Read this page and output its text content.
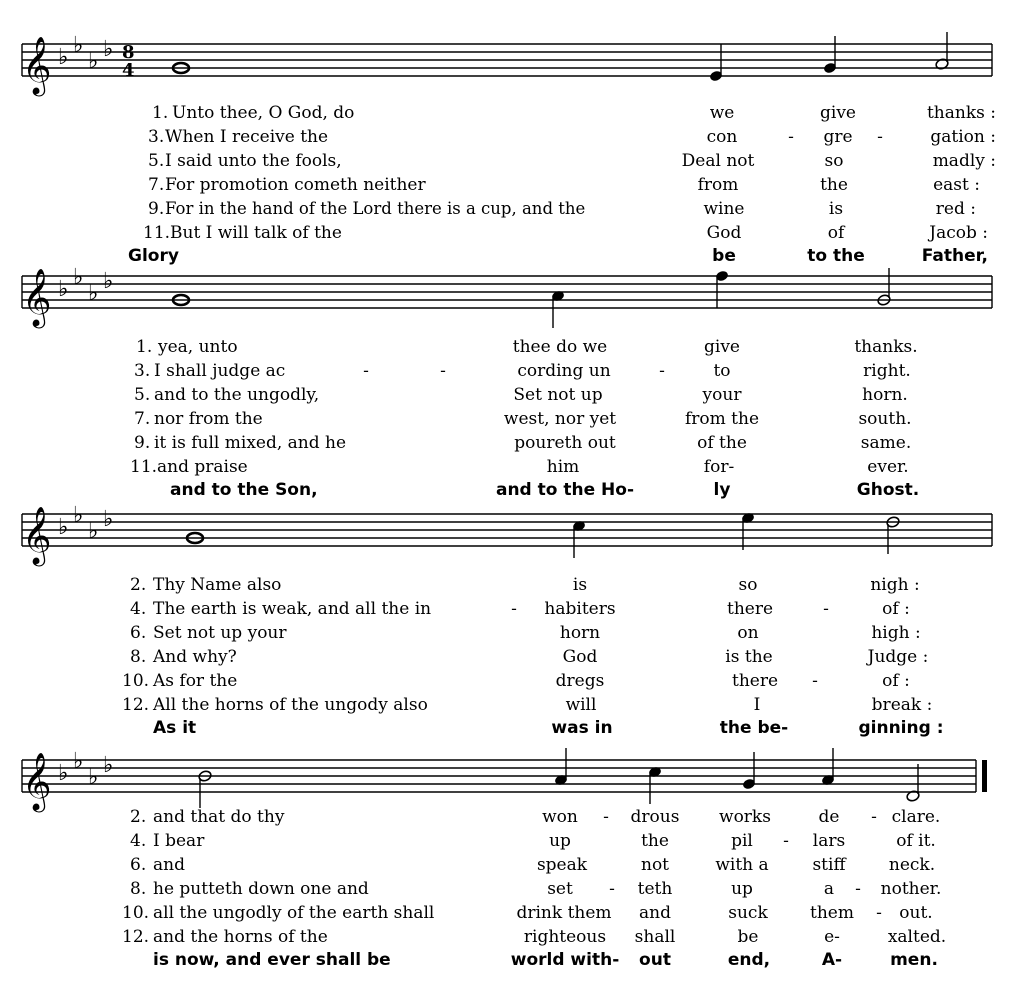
𝄞 ♭ ♭
♭ ♭ 8
4
1. Unto thee, O God, do	we	give	thanks :
3. When I receive the	con	- gre -	gation :
5. I said unto the fools,	Deal not	so	madly :
7. For promotion cometh neither	from	the	east :
9. For in the hand of the Lord there is a cup, and the	wine	is	red :
11. But I will talk of the	God	of	Jacob :
Glory	be	to the	Father,
𝄞 ♭ ♭
♭ ♭
1. yea, unto	thee do we	give	thanks.
3. I shall judge ac	-	-	cording un	-	to	right.
5. and to the ungodly,	Set not up	your	horn.
7. nor from the	west, nor yet	from the	south.
9. it is full mixed, and he	poureth out	of the	same.
11. and praise	him	for-	ever.
and to the Son,	and to the Ho-	ly	Ghost.
𝄞 ♭ ♭
♭ ♭
2. Thy Name also	is	so	nigh :
4. The earth is weak, and all the in	- habiters	there	-	of :
6. Set not up your	horn	on	high :
8. And why?	God	is the	Judge :
10. As for the	dregs	there -	of :
12. All the horns of the ungody also	will	I	break :
As it	was in	the be-	ginning :
𝄞 ♭ ♭
♭ ♭
2. and that do thy	won - drous works	de - clare.
4. I bear	up	the	pil - lars	of it.
6. and	speak	not	with a	stiff	neck.
8. he putteth down one and	set - teth	up	a - nother.
10. all the ungodly of the earth shall	drink them and	suck them - out.
12. and the horns of the	righteous shall	be	e-	xalted.
is now, and ever shall be	world with- out	end,	A-	men.
